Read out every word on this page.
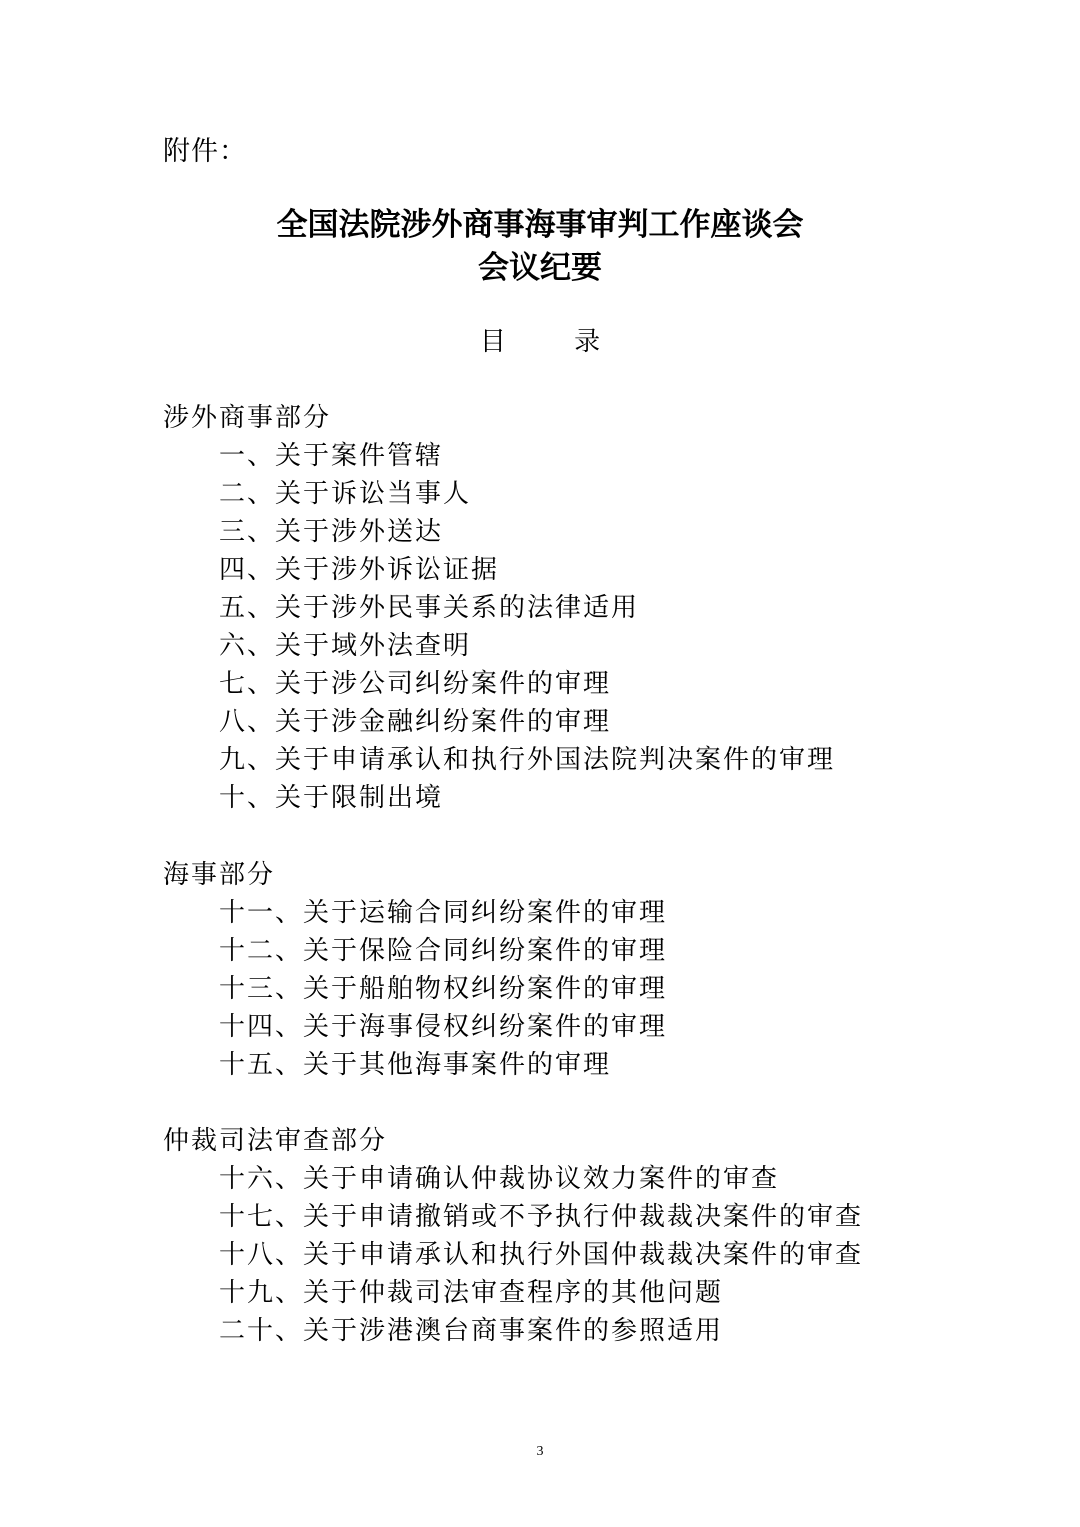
附件：
全国法院涉外商事海事审判工作座谈会
会议纪要
目 录
涉外商事部分
一、关于案件管辖
二、关于诉讼当事人
三、关于涉外送达
四、关于涉外诉讼证据
五、关于涉外民事关系的法律适用
六、关于域外法查明
七、关于涉公司纠纷案件的审理
八、关于涉金融纠纷案件的审理
九、关于申请承认和执行外国法院判决案件的审理
十、关于限制出境
海事部分
十一、关于运输合同纠纷案件的审理
十二、关于保险合同纠纷案件的审理
十三、关于船舶物权纠纷案件的审理
十四、关于海事侵权纠纷案件的审理
十五、关于其他海事案件的审理
仲裁司法审查部分
十六、关于申请确认仲裁协议效力案件的审查
十七、关于申请撤销或不予执行仲裁裁决案件的审查
十八、关于申请承认和执行外国仲裁裁决案件的审查
十九、关于仲裁司法审查程序的其他问题
二十、关于涉港澳台商事案件的参照适用
3
